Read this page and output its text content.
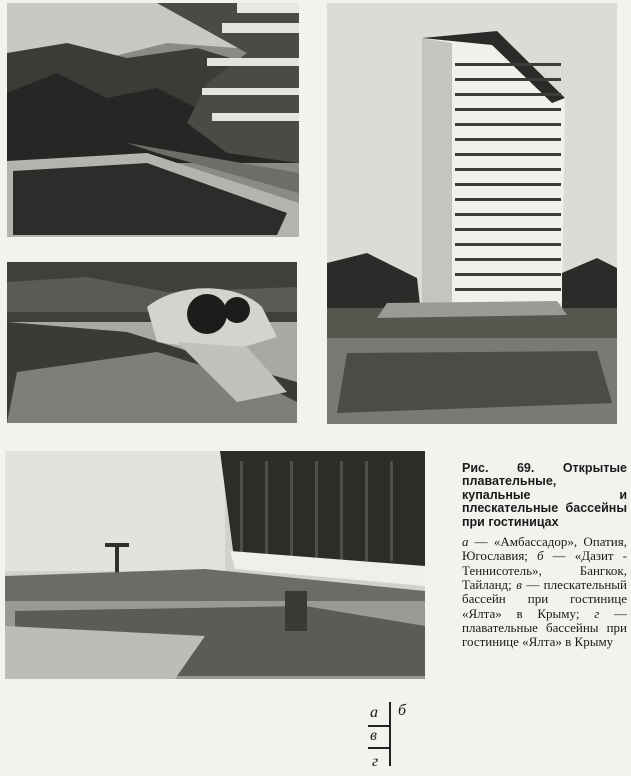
Рис. 69. Открытые плавательные, купальные и плескательные бассейны при гостиницах
а — «Амбассадор», Опатия, Югославия; б — «Дазит - Теннисотель», Бангкок, Тайланд; в — плескательный бассейн при гостинице «Ялта» в Крыму; г — плавательные бассейны при гостинице «Ялта» в Крыму
а б
в
г
